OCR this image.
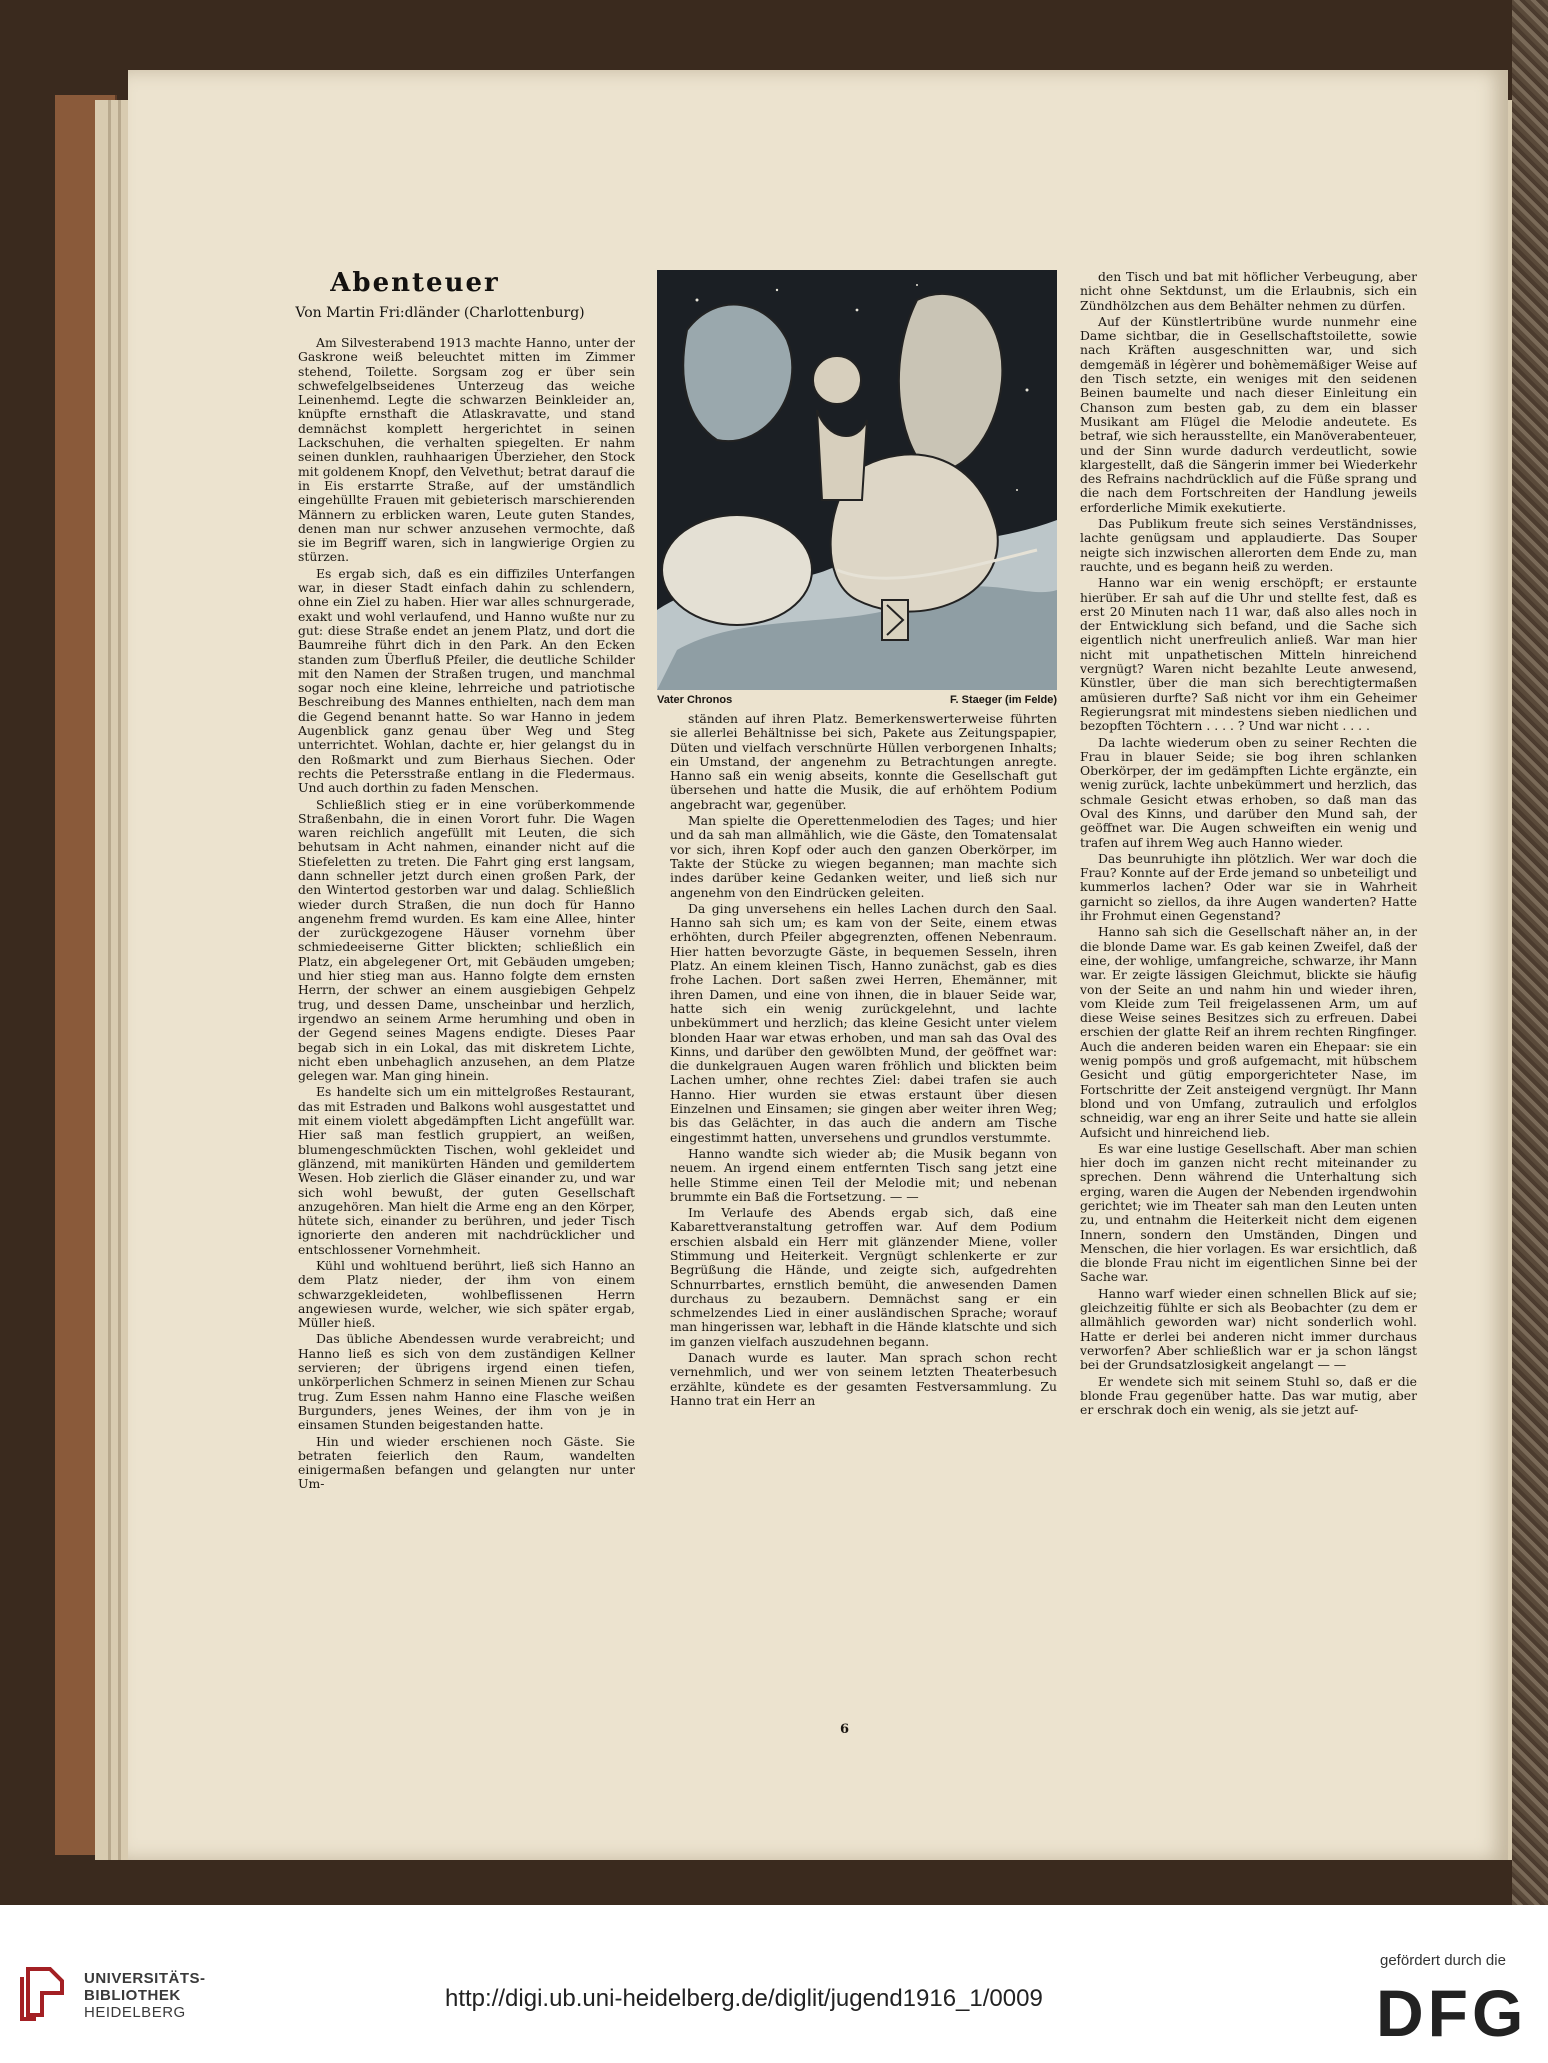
Abenteuer
Von Martin Fri:dländer (Charlottenburg)

Am Silvesterabend 1913 machte Hanno, unter der Gaskrone weiß beleuchtet mitten im Zimmer stehend, Toilette. Sorgsam zog er über sein schwefelgelbseidenes Unterzeug das weiche Leinenhemd. Legte die schwarzen Beinkleider an, knüpfte ernsthaft die Atlaskravatte, und stand demnächst komplett hergerichtet in seinen Lackschuhen, die verhalten spiegelten. Er nahm seinen dunklen, rauhhaarigen Überzieher, den Stock mit goldenem Knopf, den Velvethut; betrat darauf die in Eis erstarrte Straße, auf der umständlich eingehüllte Frauen mit gebieterisch marschierenden Männern zu erblicken waren, Leute guten Standes, denen man nur schwer anzusehen vermochte, daß sie im Begriff waren, sich in langwierige Orgien zu stürzen.

Es ergab sich, daß es ein diffiziles Unterfangen war, in dieser Stadt einfach dahin zu schlendern, ohne ein Ziel zu haben. Hier war alles schnurgerade, exakt und wohl verlaufend, und Hanno wußte nur zu gut: diese Straße endet an jenem Platz, und dort die Baumreihe führt dich in den Park. An den Ecken standen zum Überfluß Pfeiler, die deutliche Schilder mit den Namen der Straßen trugen, und manchmal sogar noch eine kleine, lehrreiche und patriotische Beschreibung des Mannes enthielten, nach dem man die Gegend benannt hatte. So war Hanno in jedem Augenblick ganz genau über Weg und Steg unterrichtet. Wohlan, dachte er, hier gelangst du in den Roßmarkt und zum Bierhaus Siechen. Oder rechts die Petersstraße entlang in die Fledermaus. Und auch dorthin zu faden Menschen.

Schließlich stieg er in eine vorüberkommende Straßenbahn, die in einen Vorort fuhr. Die Wagen waren reichlich angefüllt mit Leuten, die sich behutsam in Acht nahmen, einander nicht auf die Stiefeletten zu treten. Die Fahrt ging erst langsam, dann schneller jetzt durch einen großen Park, der den Wintertod gestorben war und dalag. Schließlich wieder durch Straßen, die nun doch für Hanno angenehm fremd wurden. Es kam eine Allee, hinter der zurückgezogene Häuser vornehm über schmiedeeiserne Gitter blickten; schließlich ein Platz, ein abgelegener Ort, mit Gebäuden umgeben; und hier stieg man aus. Hanno folgte dem ernsten Herrn, der schwer an einem ausgiebigen Gehpelz trug, und dessen Dame, unscheinbar und herzlich, irgendwo an seinem Arme herumhing und oben in der Gegend seines Magens endigte. Dieses Paar begab sich in ein Lokal, das mit diskretem Lichte, nicht eben unbehaglich anzusehen, an dem Platze gelegen war. Man ging hinein.

Es handelte sich um ein mittelgroßes Restaurant, das mit Estraden und Balkons wohl ausgestattet und mit einem violett abgedämpften Licht angefüllt war. Hier saß man festlich gruppiert, an weißen, blumengeschmückten Tischen, wohl gekleidet und glänzend, mit manikürten Händen und gemildertem Wesen. Hob zierlich die Gläser einander zu, und war sich wohl bewußt, der guten Gesellschaft anzugehören. Man hielt die Arme eng an den Körper, hütete sich, einander zu berühren, und jeder Tisch ignorierte den anderen mit nachdrücklicher und entschlossener Vornehmheit.

Kühl und wohltuend berührt, ließ sich Hanno an dem Platz nieder, der ihm von einem schwarzgekleideten, wohlbeflissenen Herrn angewiesen wurde, welcher, wie sich später ergab, Müller hieß.

Das übliche Abendessen wurde verabreicht; und Hanno ließ es sich von dem zuständigen Kellner servieren; der übrigens irgend einen tiefen, unkörperlichen Schmerz in seinen Mienen zur Schau trug. Zum Essen nahm Hanno eine Flasche weißen Burgunders, jenes Weines, der ihm von je in einsamen Stunden beigestanden hatte.

Hin und wieder erschienen noch Gäste. Sie betraten feierlich den Raum, wandelten einigermaßen befangen und gelangten nur unter Um-

Vater Chronos	F. Staeger (im Felde)

ständen auf ihren Platz. Bemerkenswerterweise führten sie allerlei Behältnisse bei sich, Pakete aus Zeitungspapier, Düten und vielfach verschnürte Hüllen verborgenen Inhalts; ein Umstand, der angenehm zu Betrachtungen anregte. Hanno saß ein wenig abseits, konnte die Gesellschaft gut übersehen und hatte die Musik, die auf erhöhtem Podium angebracht war, gegenüber.

Man spielte die Operettenmelodien des Tages; und hier und da sah man allmählich, wie die Gäste, den Tomatensalat vor sich, ihren Kopf oder auch den ganzen Oberkörper, im Takte der Stücke zu wiegen begannen; man machte sich indes darüber keine Gedanken weiter, und ließ sich nur angenehm von den Eindrücken geleiten.

Da ging unversehens ein helles Lachen durch den Saal. Hanno sah sich um; es kam von der Seite, einem etwas erhöhten, durch Pfeiler abgegrenzten, offenen Nebenraum. Hier hatten bevorzugte Gäste, in bequemen Sesseln, ihren Platz. An einem kleinen Tisch, Hanno zunächst, gab es dies frohe Lachen. Dort saßen zwei Herren, Ehemänner, mit ihren Damen, und eine von ihnen, die in blauer Seide war, hatte sich ein wenig zurückgelehnt, und lachte unbekümmert und herzlich; das kleine Gesicht unter vielem blonden Haar war etwas erhoben, und man sah das Oval des Kinns, und darüber den gewölbten Mund, der geöffnet war: die dunkelgrauen Augen waren fröhlich und blickten beim Lachen umher, ohne rechtes Ziel: dabei trafen sie auch Hanno. Hier wurden sie etwas erstaunt über diesen Einzelnen und Einsamen; sie gingen aber weiter ihren Weg; bis das Gelächter, in das auch die andern am Tische eingestimmt hatten, unversehens und grundlos verstummte.

Hanno wandte sich wieder ab; die Musik begann von neuem. An irgend einem entfernten Tisch sang jetzt eine helle Stimme einen Teil der Melodie mit; und nebenan brummte ein Baß die Fortsetzung. — —

Im Verlaufe des Abends ergab sich, daß eine Kabarettveranstaltung getroffen war. Auf dem Podium erschien alsbald ein Herr mit glänzender Miene, voller Stimmung und Heiterkeit. Vergnügt schlenkerte er zur Begrüßung die Hände, und zeigte sich, aufgedrehten Schnurrbartes, ernstlich bemüht, die anwesenden Damen durchaus zu bezaubern. Demnächst sang er ein schmelzendes Lied in einer ausländischen Sprache; worauf man hingerissen war, lebhaft in die Hände klatschte und sich im ganzen vielfach auszudehnen begann.

Danach wurde es lauter. Man sprach schon recht vernehmlich, und wer von seinem letzten Theaterbesuch erzählte, kündete es der gesamten Festversammlung. Zu Hanno trat ein Herr an

den Tisch und bat mit höflicher Verbeugung, aber nicht ohne Sektdunst, um die Erlaubnis, sich ein Zündhölzchen aus dem Behälter nehmen zu dürfen.

Auf der Künstlertribüne wurde nunmehr eine Dame sichtbar, die in Gesellschaftstoilette, sowie nach Kräften ausgeschnitten war, und sich demgemäß in légèrer und bohèmemäßiger Weise auf den Tisch setzte, ein weniges mit den seidenen Beinen baumelte und nach dieser Einleitung ein Chanson zum besten gab, zu dem ein blasser Musikant am Flügel die Melodie andeutete. Es betraf, wie sich herausstellte, ein Manöverabenteuer, und der Sinn wurde dadurch verdeutlicht, sowie klargestellt, daß die Sängerin immer bei Wiederkehr des Refrains nachdrücklich auf die Füße sprang und die nach dem Fortschreiten der Handlung jeweils erforderliche Mimik exekutierte.

Das Publikum freute sich seines Verständnisses, lachte genügsam und applaudierte. Das Souper neigte sich inzwischen allerorten dem Ende zu, man rauchte, und es begann heiß zu werden.

Hanno war ein wenig erschöpft; er erstaunte hierüber. Er sah auf die Uhr und stellte fest, daß es erst 20 Minuten nach 11 war, daß also alles noch in der Entwicklung sich befand, und die Sache sich eigentlich nicht unerfreulich anließ. War man hier nicht mit unpathetischen Mitteln hinreichend vergnügt? Waren nicht bezahlte Leute anwesend, Künstler, über die man sich berechtigtermaßen amüsieren durfte? Saß nicht vor ihm ein Geheimer Regierungsrat mit mindestens sieben niedlichen und bezopften Töchtern . . . . ? Und war nicht . . . .

Da lachte wiederum oben zu seiner Rechten die Frau in blauer Seide; sie bog ihren schlanken Oberkörper, der im gedämpften Lichte ergänzte, ein wenig zurück, lachte unbekümmert und herzlich, das schmale Gesicht etwas erhoben, so daß man das Oval des Kinns, und darüber den Mund sah, der geöffnet war. Die Augen schweiften ein wenig und trafen auf ihrem Weg auch Hanno wieder.

Das beunruhigte ihn plötzlich. Wer war doch die Frau? Konnte auf der Erde jemand so unbeteiligt und kummerlos lachen? Oder war sie in Wahrheit garnicht so ziellos, da ihre Augen wanderten? Hatte ihr Frohmut einen Gegenstand?

Hanno sah sich die Gesellschaft näher an, in der die blonde Dame war. Es gab keinen Zweifel, daß der eine, der wohlige, umfangreiche, schwarze, ihr Mann war. Er zeigte lässigen Gleichmut, blickte sie häufig von der Seite an und nahm hin und wieder ihren, vom Kleide zum Teil freigelassenen Arm, um auf diese Weise seines Besitzes sich zu erfreuen. Dabei erschien der glatte Reif an ihrem rechten Ringfinger. Auch die anderen beiden waren ein Ehepaar: sie ein wenig pompös und groß aufgemacht, mit hübschem Gesicht und gütig emporgerichteter Nase, im Fortschritte der Zeit ansteigend vergnügt. Ihr Mann blond und von Umfang, zutraulich und erfolglos schneidig, war eng an ihrer Seite und hatte sie allein Aufsicht und hinreichend lieb.

Es war eine lustige Gesellschaft. Aber man schien hier doch im ganzen nicht recht miteinander zu sprechen. Denn während die Unterhaltung sich erging, waren die Augen der Nebenden irgendwohin gerichtet; wie im Theater sah man den Leuten unten zu, und entnahm die Heiterkeit nicht dem eigenen Innern, sondern den Umständen, Dingen und Menschen, die hier vorlagen. Es war ersichtlich, daß die blonde Frau nicht im eigentlichen Sinne bei der Sache war.

Hanno warf wieder einen schnellen Blick auf sie; gleichzeitig fühlte er sich als Beobachter (zu dem er allmählich geworden war) nicht sonderlich wohl. Hatte er derlei bei anderen nicht immer durchaus verworfen? Aber schließlich war er ja schon längst bei der Grundsatzlosigkeit angelangt — —

Er wendete sich mit seinem Stuhl so, daß er die blonde Frau gegenüber hatte. Das war mutig, aber er erschrak doch ein wenig, als sie jetzt auf-

6
UNIVERSITÄTS-
BIBLIOTHEK
HEIDELBERG
http://digi.ub.uni-heidelberg.de/diglit/jugend1916_1/0009
gefördert durch die
DFG
